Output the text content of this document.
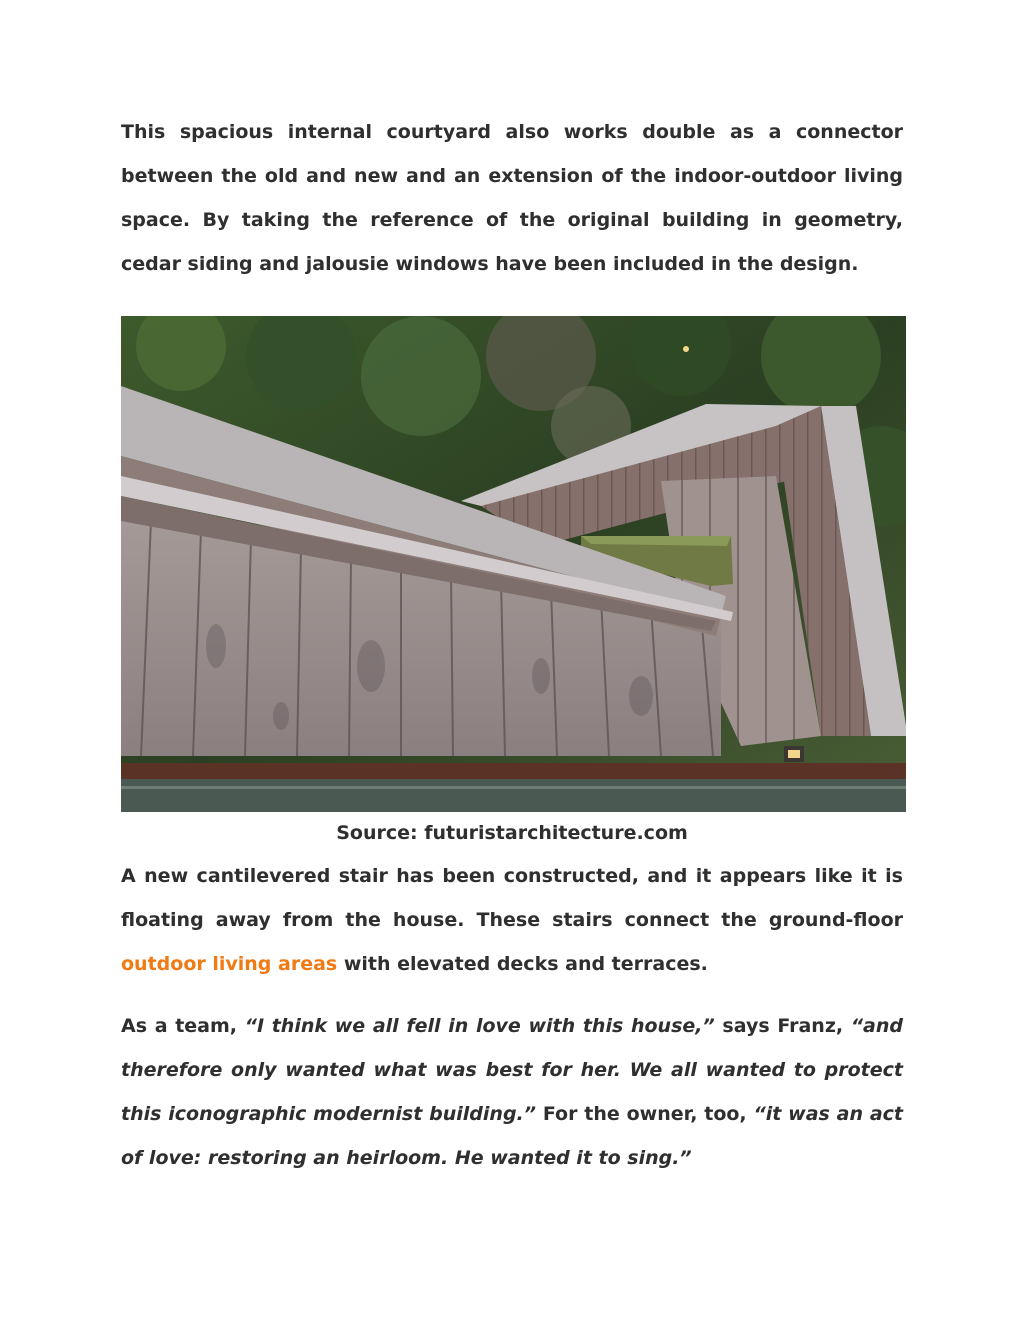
This spacious internal courtyard also works double as a connector between the old and new and an extension of the indoor-outdoor living space. By taking the reference of the original building in geometry, cedar siding and jalousie windows have been included in the design.

Source: futuristarchitecture.com

A new cantilevered stair has been constructed, and it appears like it is floating away from the house. These stairs connect the ground-floor outdoor living areas with elevated decks and terraces.

As a team, “I think we all fell in love with this house,” says Franz, “and therefore only wanted what was best for her. We all wanted to protect this iconographic modernist building.” For the owner, too, “it was an act of love: restoring an heirloom. He wanted it to sing.”
